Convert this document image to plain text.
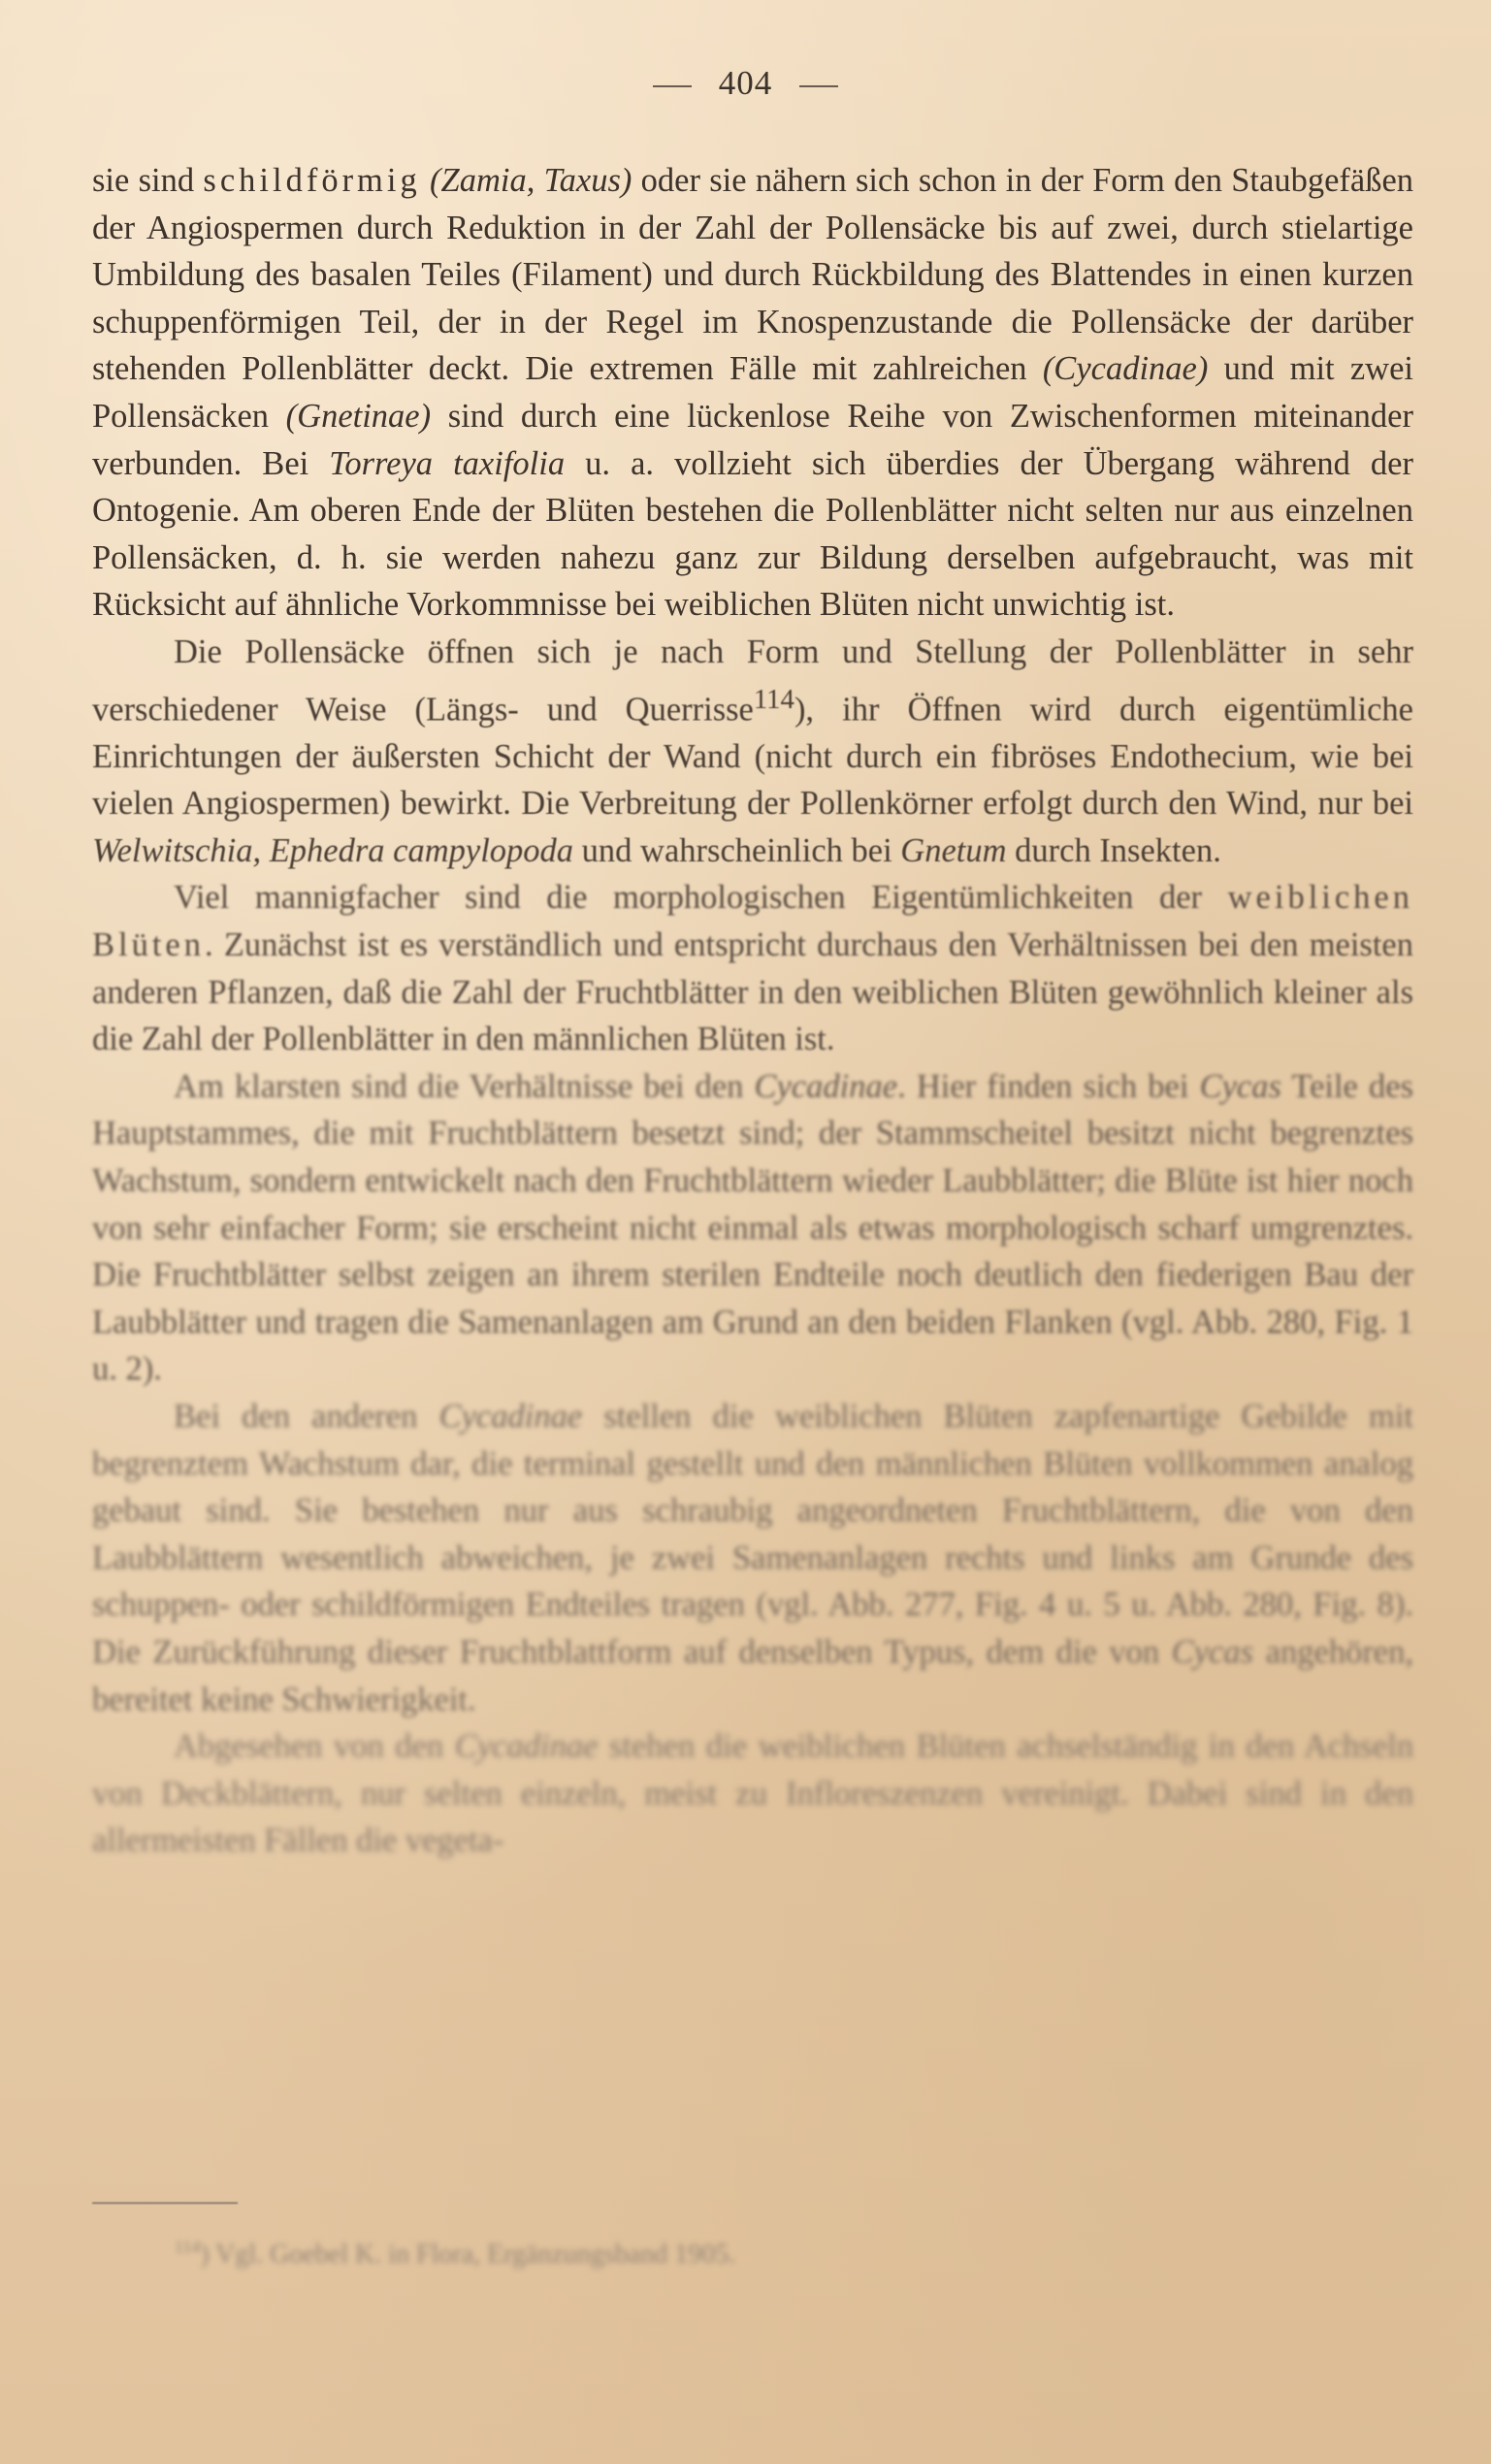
404

sie sind schildförmig (Zamia, Taxus) oder sie nähern sich schon in der Form den Staubgefäßen der Angiospermen durch Reduktion in der Zahl der Pollensäcke bis auf zwei, durch stielartige Umbildung des basalen Teiles (Filament) und durch Rückbildung des Blattendes in einen kurzen schuppenförmigen Teil, der in der Regel im Knospenzustande die Pollensäcke der darüber stehenden Pollenblätter deckt. Die extremen Fälle mit zahlreichen (Cycadinae) und mit zwei Pollensäcken (Gnetinae) sind durch eine lückenlose Reihe von Zwischenformen miteinander verbunden. Bei Torreya taxifolia u. a. vollzieht sich überdies der Übergang während der Ontogenie. Am oberen Ende der Blüten bestehen die Pollenblätter nicht selten nur aus einzelnen Pollensäcken, d. h. sie werden nahezu ganz zur Bildung derselben aufgebraucht, was mit Rücksicht auf ähnliche Vorkommnisse bei weiblichen Blüten nicht unwichtig ist.

Die Pollensäcke öffnen sich je nach Form und Stellung der Pollenblätter in sehr verschiedener Weise (Längs- und Querrisse$^{114}$), ihr Öffnen wird durch eigentümliche Einrichtungen der äußersten Schicht der Wand (nicht durch ein fibröses Endothecium, wie bei vielen Angiospermen) bewirkt. Die Verbreitung der Pollenkörner erfolgt durch den Wind, nur bei Welwitschia, Ephedra campylopoda und wahrscheinlich bei Gnetum durch Insekten.

Viel mannigfacher sind die morphologischen Eigentümlichkeiten der weiblichen Blüten. Zunächst ist es verständlich und entspricht durchaus den Verhältnissen bei den meisten anderen Pflanzen, daß die Zahl der Fruchtblätter in den weiblichen Blüten gewöhnlich kleiner als die Zahl der Pollenblätter in den männlichen Blüten ist.

Am klarsten sind die Verhältnisse bei den Cycadinae. Hier finden sich bei Cycas Teile des Hauptstammes, die mit Fruchtblättern besetzt sind; der Stammscheitel besitzt nicht begrenztes Wachstum, sondern entwickelt nach den Fruchtblättern wieder Laubblätter; die Blüte ist hier noch von sehr einfacher Form; sie erscheint nicht einmal als etwas morphologisch scharf umgrenztes. Die Fruchtblätter selbst zeigen an ihrem sterilen Endteile noch deutlich den fiederigen Bau der Laubblätter und tragen die Samenanlagen am Grund an den beiden Flanken (vgl. Abb. 280, Fig. 1 u. 2).

Bei den anderen Cycadinae stellen die weiblichen Blüten zapfenartige Gebilde mit begrenztem Wachstum dar, die terminal gestellt und den männlichen Blüten vollkommen analog gebaut sind. Sie bestehen nur aus schraubig angeordneten Fruchtblättern, die von den Laubblättern wesentlich abweichen, je zwei Samenanlagen rechts und links am Grunde des schuppen- oder schildförmigen Endteiles tragen (vgl. Abb. 277, Fig. 4 u. 5 u. Abb. 280, Fig. 8). Die Zurückführung dieser Fruchtblattform auf denselben Typus, dem die von Cycas angehören, bereitet keine Schwierigkeit.

Abgesehen von den Cycadinae stehen die weiblichen Blüten achselständig in den Achseln von Deckblättern, nur selten einzeln, meist zu Infloreszenzen vereinigt. Dabei sind in den allermeisten Fällen die vegeta-

$^{114}$) Vgl. Goebel K. in Flora, Ergänzungsband 1905.
